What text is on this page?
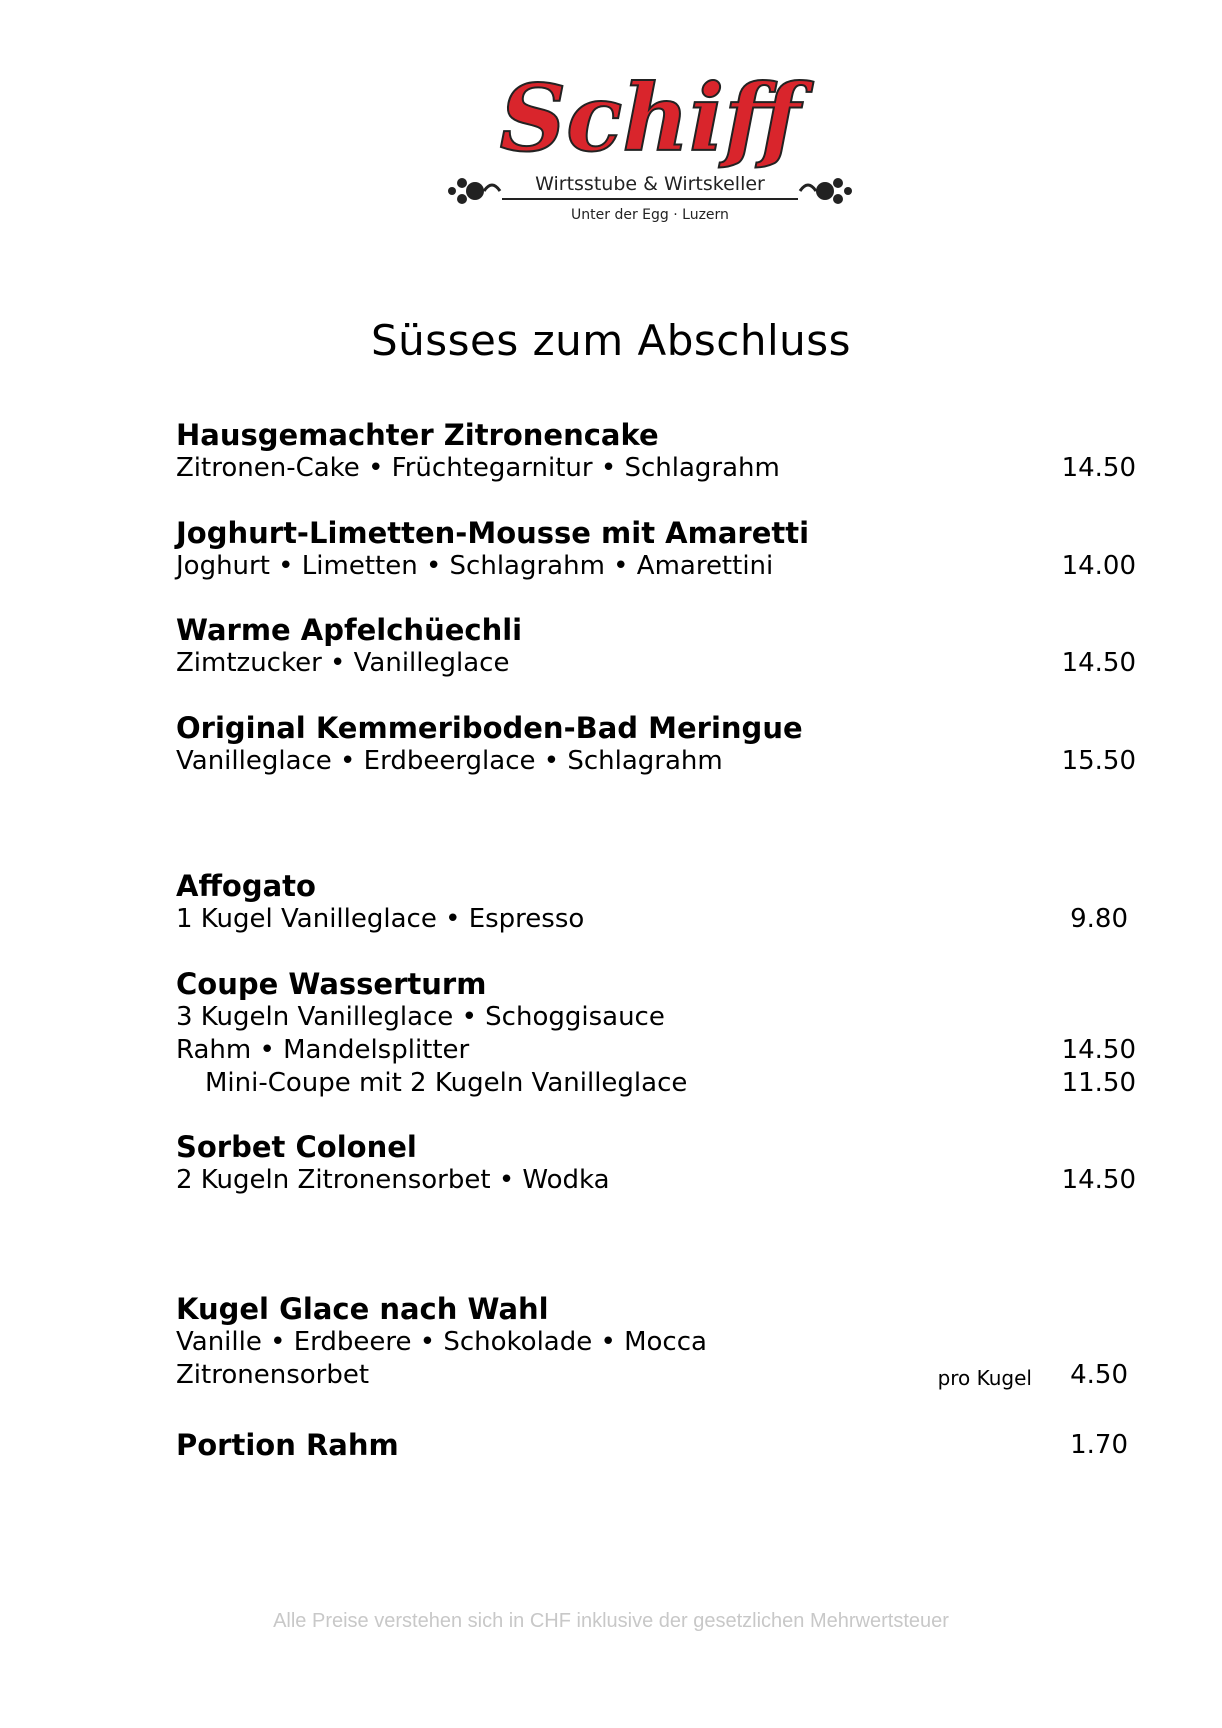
Schiff
Wirtsstube & Wirtskeller
Unter der Egg · Luzern
Süsses zum Abschluss
Hausgemachter Zitronencake
Zitronen-Cake • Früchtegarnitur • Schlagrahm	14.50
Joghurt-Limetten-Mousse mit Amaretti
Joghurt • Limetten • Schlagrahm • Amarettini	14.00
Warme Apfelchüechli
Zimtzucker • Vanilleglace	14.50
Original Kemmeriboden-Bad Meringue
Vanilleglace • Erdbeerglace • Schlagrahm	15.50
Affogato
1 Kugel Vanilleglace • Espresso	9.80
Coupe Wasserturm
3 Kugeln Vanilleglace • Schoggisauce
Rahm • Mandelsplitter	14.50
Mini-Coupe mit 2 Kugeln Vanilleglace	11.50
Sorbet Colonel
2 Kugeln Zitronensorbet • Wodka	14.50
Kugel Glace nach Wahl
Vanille • Erdbeere • Schokolade • Mocca
Zitronensorbet	pro Kugel	4.50
Portion Rahm	1.70
Alle Preise verstehen sich in CHF inklusive der gesetzlichen Mehrwertsteuer
